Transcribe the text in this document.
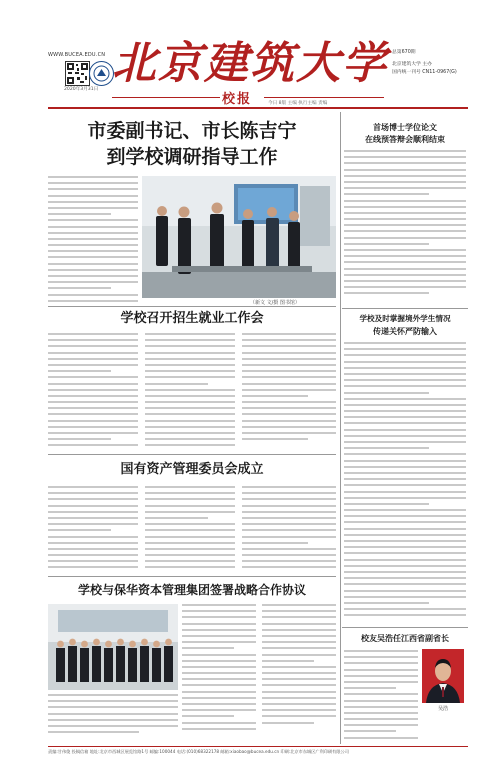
WWW.BUCEA.EDU.CN
2020年3月31日
北京建筑大学 总第670期
北京建筑大学 主办
国内统一刊号 CN11-0967(G)
校报	今日 8版 主编 执行主编 责编
市委副书记、市长陈吉宁
到学校调研指导工作
（新文 文/摄 图书馆）
首场博士学位论文
在线预答辩会顺利结束
学校及时掌握境外学生情况
传递关怀严防输入
校友吴浩任江西省副省长
吴浩
学校召开招生就业工作会
国有资产管理委员会成立
学校与保华资本管理集团签署战略合作协议
责编:甘伟俊 投稿信箱 地址:北京市西城区展览馆路1号 邮编:100044 电话:(010)68322178 邮箱:xiaobao@bucea.edu.cn 印刷:北京市东城区广利印刷有限公司
